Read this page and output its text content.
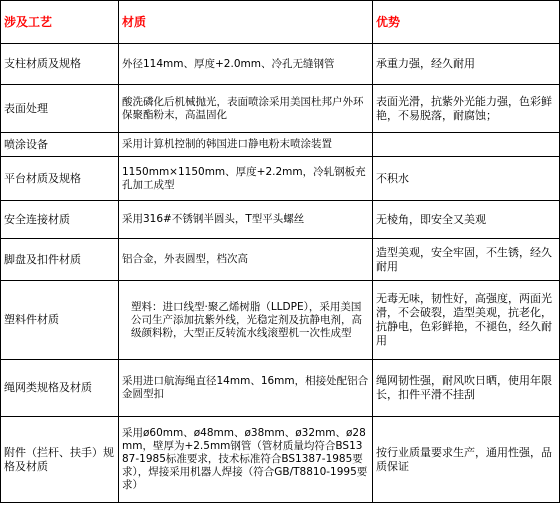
涉及工艺	材质	优势
支柱材质及规格	外径114mm、厚度+2.0mm、冷孔无缝钢管	承重力强，经久耐用
表面处理	酸洗磷化后机械抛光，表面喷涂采用美国杜邦户外环保聚酯粉末，高温固化	表面光滑，抗紫外光能力强，色彩鲜艳，不易脱落，耐腐蚀；
喷涂设备	采用计算机控制的韩国进口静电粉末喷涂装置	
平台材质及规格	1150mm×1150mm、厚度+2.2mm，冷轧钢板充孔加工成型	不积水
安全连接材质	采用316#不锈钢半圆头，T型平头螺丝	无棱角，即安全又美观
脚盘及扣件材质	铝合金，外表圆型，档次高	造型美观，安全牢固，不生锈，经久耐用
塑料件材质	塑料：进口线型·聚乙烯树脂（LLDPE），采用美国公司生产添加抗紫外线，光稳定剂及抗静电剂，高级颜料粉，大型正反转流水线滚塑机一次性成型	无毒无味，韧性好，高强度，两面光滑，不会破裂，造型美观，抗老化，抗静电，色彩鲜艳，不褪色，经久耐用
绳网类规格及材质	采用进口航海绳直径14mm、16mm，相接处配铝合金圆型扣	绳网韧性强，耐风吹日晒，使用年限长，扣件平滑不挂刮
附件（拦杆、扶手）规格及材质	采用ø60mm、ø48mm、ø38mm、ø32mm、ø28mm，壁厚为+2.5mm钢管（管材质量均符合BS1387-1985标准要求，技术标准符合BS1387-1985要求），焊接采用机器人焊接（符合GB/T8810-1995要求）	按行业质量要求生产，通用性强，品质保证
